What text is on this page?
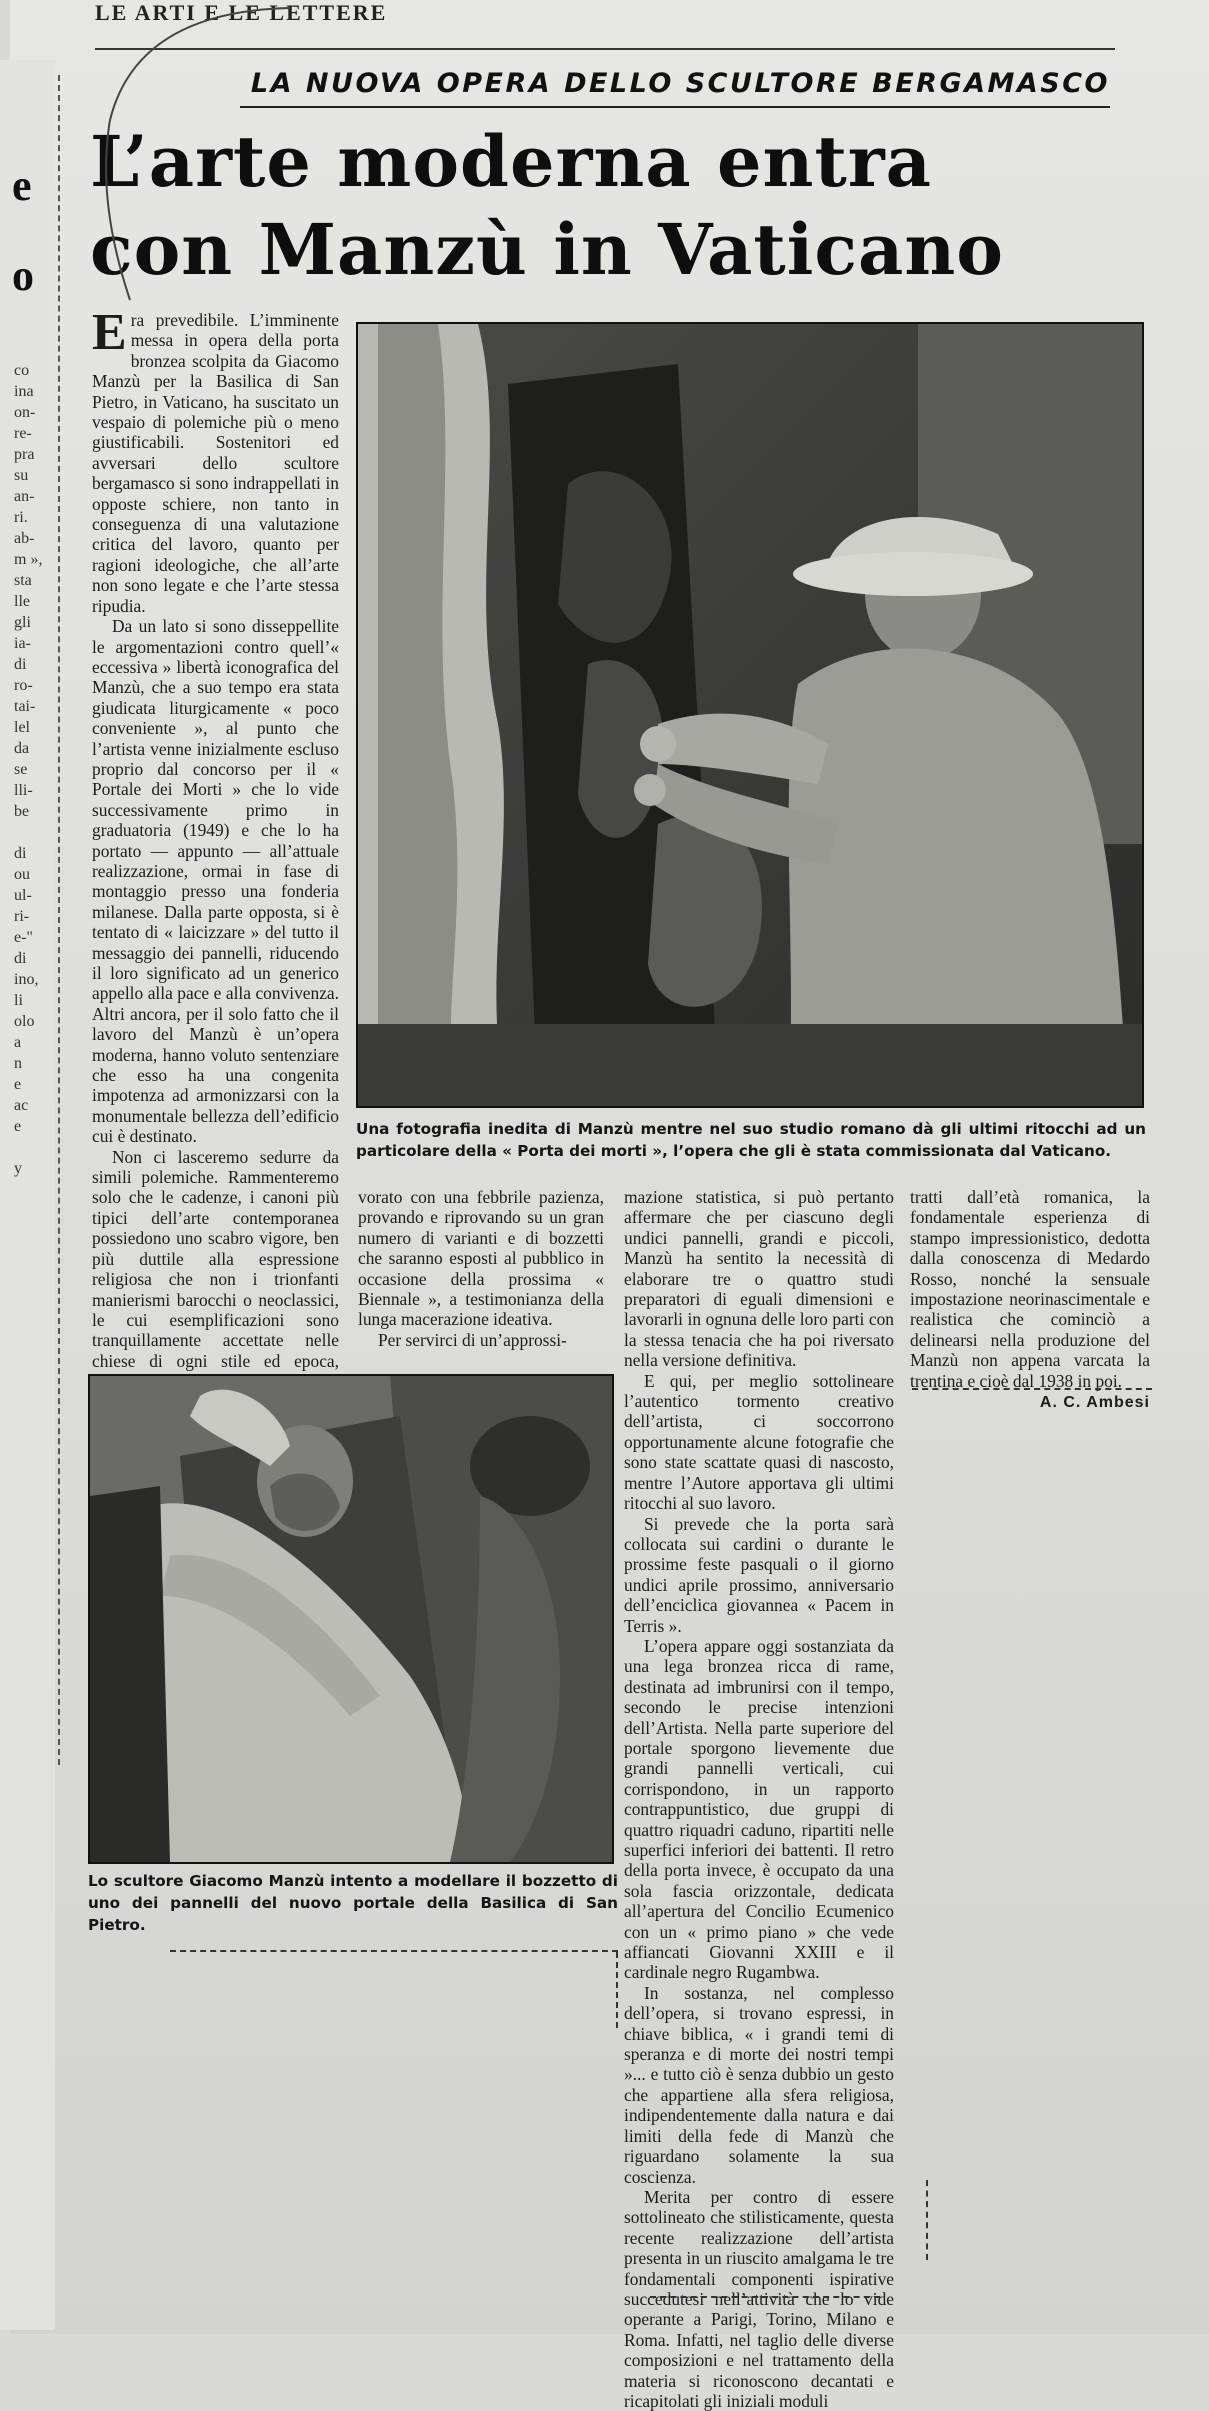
e
o
co
ina
on-
re-
pra
su
an-
ri.
ab-
m »,
sta
lle
gli
ia-
di
ro-
tai-
lel
da
se
lli-
be

di
ou
ul-
ri-
e-"
di
ino,
li
olo
a
n
e
ac
e

y
LE ARTI E LE LETTERE
LA NUOVA OPERA DELLO SCULTORE BERGAMASCO
L’arte moderna entra
con Manzù in Vaticano

Era prevedibile. L’imminente messa in opera della porta bronzea scolpita da Giacomo Manzù per la Basilica di San Pietro, in Vaticano, ha suscitato un vespaio di polemiche più o meno giustificabili. Sostenitori ed avversari dello scultore bergamasco si sono indrappellati in opposte schiere, non tanto in conseguenza di una valutazione critica del lavoro, quanto per ragioni ideologiche, che all’arte non sono legate e che l’arte stessa ripudia.

Da un lato si sono disseppellite le argomentazioni contro quell’« eccessiva » libertà iconografica del Manzù, che a suo tempo era stata giudicata liturgicamente « poco conveniente », al punto che l’artista venne inizialmente escluso proprio dal concorso per il « Portale dei Morti » che lo vide successivamente primo in graduatoria (1949) e che lo ha portato — appunto — all’attuale realizzazione, ormai in fase di montaggio presso una fonderia milanese. Dalla parte opposta, si è tentato di « laicizzare » del tutto il messaggio dei pannelli, riducendo il loro significato ad un generico appello alla pace e alla convivenza. Altri ancora, per il solo fatto che il lavoro del Manzù è un’opera moderna, hanno voluto sentenziare che esso ha una congenita impotenza ad armonizzarsi con la monumentale bellezza dell’edificio cui è destinato.

Non ci lasceremo sedurre da simili polemiche. Rammenteremo solo che le cadenze, i canoni più tipici dell’arte contemporanea possiedono uno scabro vigore, ben più duttile alla espressione religiosa che non i trionfanti manierismi barocchi o neoclassici, le cui esemplificazioni sono tranquillamente accettate nelle chiese di ogni stile ed epoca,

Una fotografia inedita di Manzù mentre nel suo studio romano dà gli ultimi ritocchi ad un particolare della « Porta dei morti », l’opera che gli è stata commissionata dal Vaticano.

vorato con una febbrile pazienza, provando e riprovando su un gran numero di varianti e di bozzetti che saranno esposti al pubblico in occasione della prossima « Biennale », a testimonianza della lunga macerazione ideativa.

Per servirci di un’approssi-

mazione statistica, si può pertanto affermare che per ciascuno degli undici pannelli, grandi e piccoli, Manzù ha sentito la necessità di elaborare tre o quattro studi preparatori di eguali dimensioni e lavorarli in ognuna delle loro parti con la stessa tenacia che ha poi riversato nella versione definitiva.

E qui, per meglio sottolineare l’autentico tormento creativo dell’artista, ci soccorrono opportunamente alcune fotografie che sono state scattate quasi di nascosto, mentre l’Autore apportava gli ultimi ritocchi al suo lavoro.

Si prevede che la porta sarà collocata sui cardini o durante le prossime feste pasquali o il giorno undici aprile prossimo, anniversario dell’enciclica giovannea « Pacem in Terris ».

L’opera appare oggi sostanziata da una lega bronzea ricca di rame, destinata ad imbrunirsi con il tempo, secondo le precise intenzioni dell’Artista. Nella parte superiore del portale sporgono lievemente due grandi pannelli verticali, cui corrispondono, in un rapporto contrappuntistico, due gruppi di quattro riquadri caduno, ripartiti nelle superfici inferiori dei battenti. Il retro della porta invece, è occupato da una sola fascia orizzontale, dedicata all’apertura del Concilio Ecumenico con un « primo piano » che vede affiancati Giovanni XXIII e il cardinale negro Rugambwa.

In sostanza, nel complesso dell’opera, si trovano espressi, in chiave biblica, « i grandi temi di speranza e di morte dei nostri tempi »... e tutto ciò è senza dubbio un gesto che appartiene alla sfera religiosa, indipendentemente dalla natura e dai limiti della fede di Manzù che riguardano solamente la sua coscienza.

Merita per contro di essere sottolineato che stilisticamente, questa recente realizzazione dell’artista presenta in un riuscito amalgama le tre fondamentali componenti ispirative succedutesi nell’attività che lo vide operante a Parigi, Torino, Milano e Roma. Infatti, nel taglio delle diverse composizioni e nel trattamento della materia si riconoscono decantati e ricapitolati gli iniziali moduli

tratti dall’età romanica, la fondamentale esperienza di stampo impressionistico, dedotta dalla conoscenza di Medardo Rosso, nonché la sensuale impostazione neorinascimentale e realistica che cominciò a delinearsi nella produzione del Manzù non appena varcata la trentina e cioè dal 1938 in poi.

A. C. Ambesi
Lo scultore Giacomo Manzù intento a modellare il bozzetto di uno dei pannelli del nuovo portale della Basilica di San Pietro.
